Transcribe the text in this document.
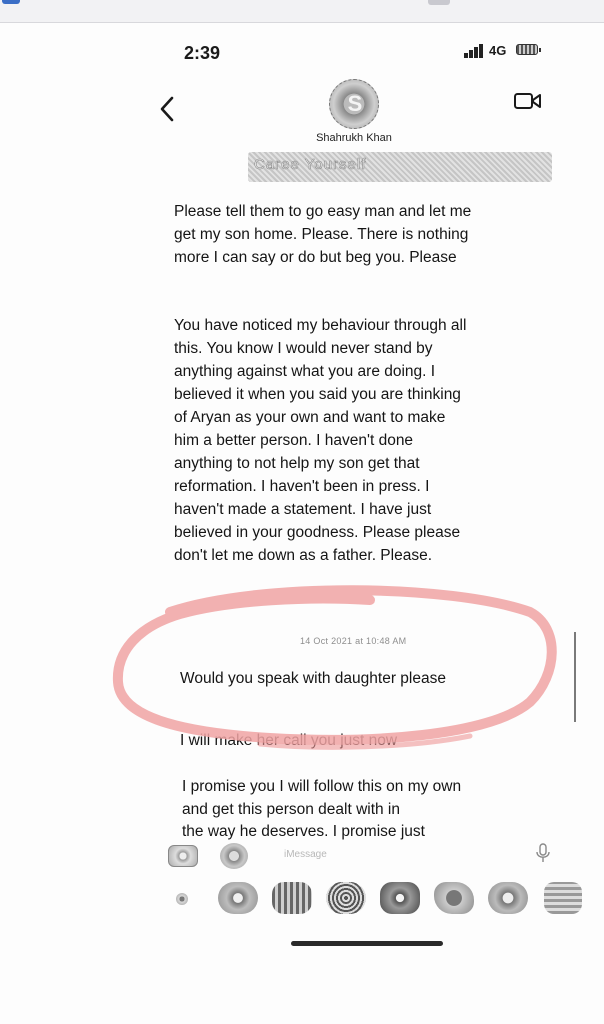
2:39	4G
S
Shahrukh Khan
Caree Yourself

Please tell them to go easy man and let me get my son home. Please. There is nothing more I can say or do but beg you. Please

You have noticed my behaviour through all this. You know I would never stand by anything against what you are doing. I believed it when you said you are thinking of Aryan as your own and want to make him a better person. I haven't done anything to not help my son get that reformation. I haven't been in press. I haven't made a statement. I have just believed in your goodness. Please please don't let me down as a father. Please.

14 Oct 2021 at 10:48 AM

Would you speak with daughter please

I will make her call you just now

I promise you I will follow this on my own and get this person dealt with in

the way he deserves. I promise just

iMessage
